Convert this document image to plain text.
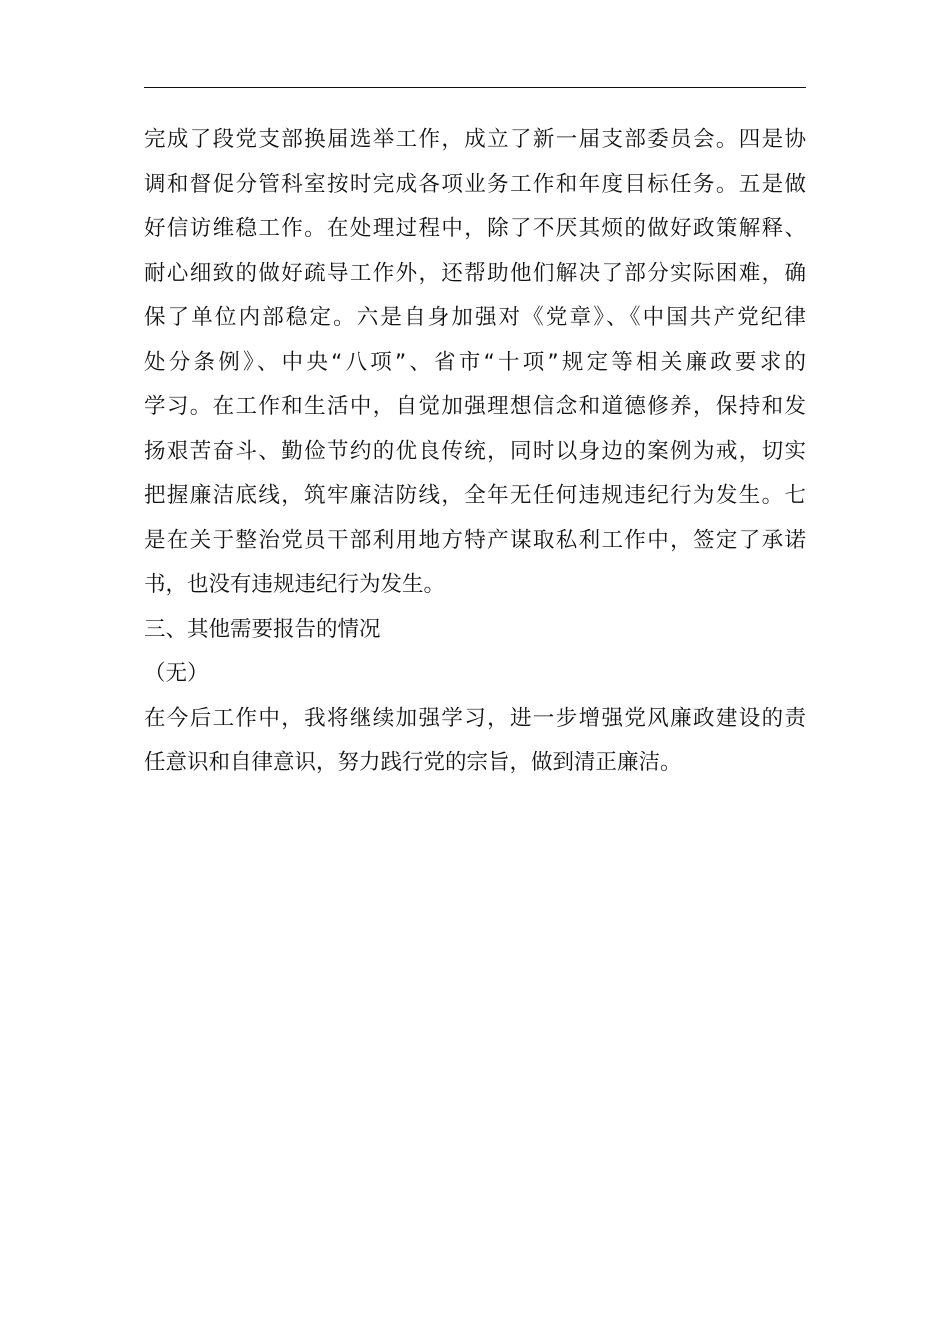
完成了段党支部换届选举工作，成立了新一届支部委员会。四是协
调和督促分管科室按时完成各项业务工作和年度目标任务。五是做
好信访维稳工作。在处理过程中，除了不厌其烦的做好政策解释、
耐心细致的做好疏导工作外，还帮助他们解决了部分实际困难，确
保了单位内部稳定。六是自身加强对《党章》、《中国共产党纪律
处分条例》、中央“八项”、省市“十项”规定等相关廉政要求的
学习。在工作和生活中，自觉加强理想信念和道德修养，保持和发
扬艰苦奋斗、勤俭节约的优良传统，同时以身边的案例为戒，切实
把握廉洁底线，筑牢廉洁防线，全年无任何违规违纪行为发生。七
是在关于整治党员干部利用地方特产谋取私利工作中，签定了承诺
书，也没有违规违纪行为发生。
三、其他需要报告的情况
（无）
在今后工作中，我将继续加强学习，进一步增强党风廉政建设的责
任意识和自律意识，努力践行党的宗旨，做到清正廉洁。
